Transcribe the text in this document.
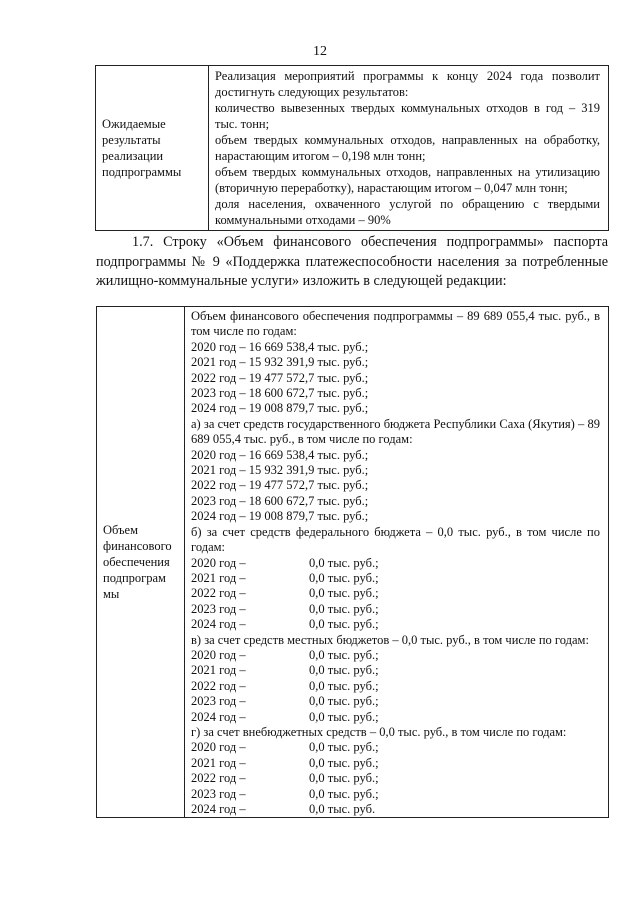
12
Ожидаемые результаты реализации подпрограммы	
Реализация мероприятий программы к концу 2024 года позволит достигнуть следующих результатов:
количество вывезенных твердых коммунальных отходов в год – 319 тыс. тонн;
объем твердых коммунальных отходов, направленных на обработку, нарастающим итогом – 0,198 млн тонн;
объем твердых коммунальных отходов, направленных на утилизацию (вторичную переработку), нарастающим итогом – 0,047 млн тонн;
доля населения, охваченного услугой по обращению с твердыми коммунальными отходами – 90%
1.7. Строку «Объем финансового обеспечения подпрограммы» паспорта подпрограммы № 9 «Поддержка платежеспособности населения за потребленные жилищно-коммунальные услуги» изложить в следующей редакции:
Объем финансового обеспечения подпрограм мы	
Объем финансового обеспечения подпрограммы – 89 689 055,4 тыс. руб., в том числе по годам:
2020 год – 16 669 538,4 тыс. руб.;
2021 год – 15 932 391,9 тыс. руб.;
2022 год – 19 477 572,7 тыс. руб.;
2023 год – 18 600 672,7 тыс. руб.;
2024 год – 19 008 879,7 тыс. руб.;
а) за счет средств государственного бюджета Республики Саха (Якутия) – 89 689 055,4 тыс. руб., в том числе по годам:
2020 год – 16 669 538,4 тыс. руб.;
2021 год – 15 932 391,9 тыс. руб.;
2022 год – 19 477 572,7 тыс. руб.;
2023 год – 18 600 672,7 тыс. руб.;
2024 год – 19 008 879,7 тыс. руб.;
б) за счет средств федерального бюджета – 0,0 тыс. руб., в том числе по годам:
2020 год –	0,0 тыс. руб.;
2021 год –	0,0 тыс. руб.;
2022 год –	0,0 тыс. руб.;
2023 год –	0,0 тыс. руб.;
2024 год –	0,0 тыс. руб.;
в) за счет средств местных бюджетов – 0,0 тыс. руб., в том числе по годам:
2020 год –	0,0 тыс. руб.;
2021 год –	0,0 тыс. руб.;
2022 год –	0,0 тыс. руб.;
2023 год –	0,0 тыс. руб.;
2024 год –	0,0 тыс. руб.;
г) за счет внебюджетных средств – 0,0 тыс. руб., в том числе по годам:
2020 год –	0,0 тыс. руб.;
2021 год –	0,0 тыс. руб.;
2022 год –	0,0 тыс. руб.;
2023 год –	0,0 тыс. руб.;
2024 год –	0,0 тыс. руб.
